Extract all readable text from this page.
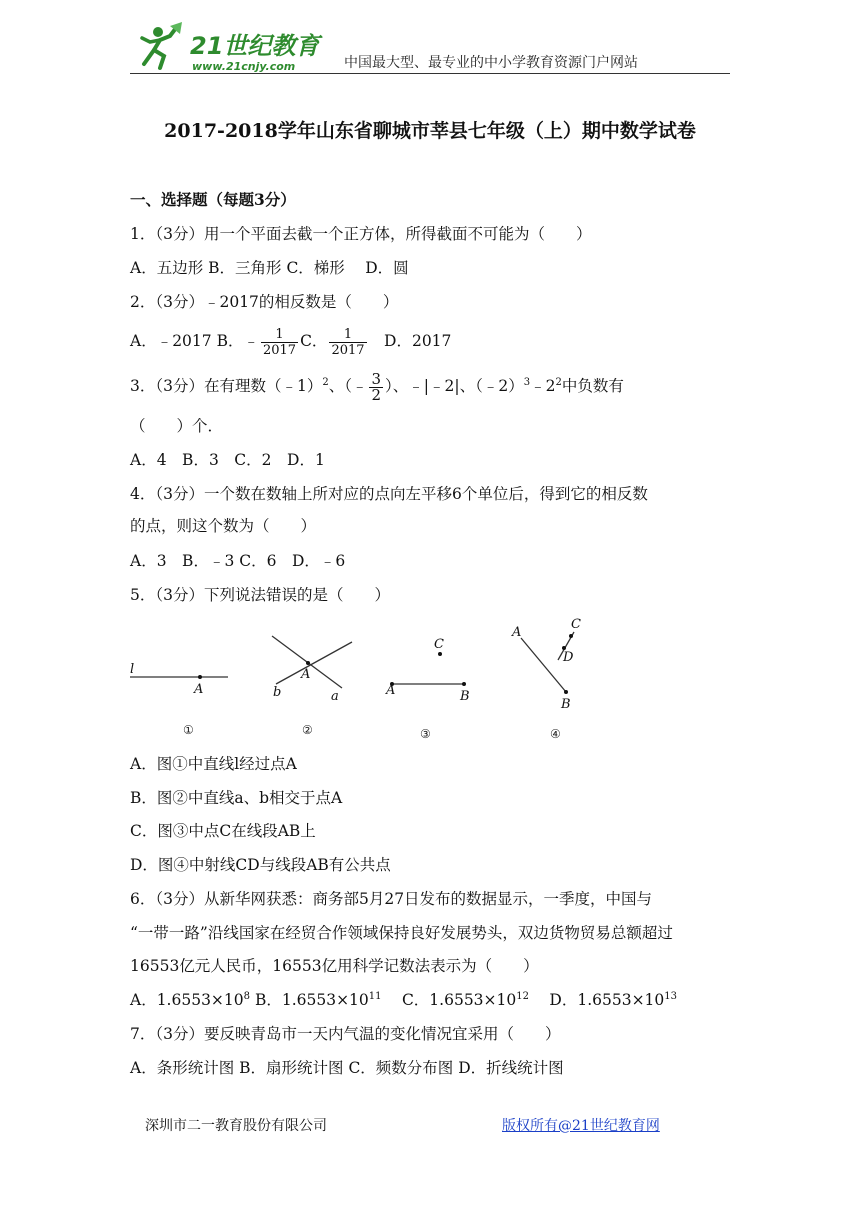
21世纪教育
www.21cnjy.com	中国最大型、最专业的中小学教育资源门户网站
2017-2018学年山东省聊城市莘县七年级（上）期中数学试卷
一、选择题（每题3分）
1．（3分）用一个平面去截一个正方体，所得截面不可能为（　　）
A．五边形 B．三角形 C．梯形　 D．圆
2．（3分）﹣2017的相反数是（　　）
A．﹣2017 B．﹣ $\frac{1}{2017}$ C． $\frac{1}{2017}$ 　D．2017
3．（3分）在有理数（﹣1）$^2$、（﹣ $\frac{3}{2}$ ）、﹣|﹣2|、$(﹣2)^3﹣2^2$中负数有
（　　）个．
A．4　B．3　C．2　D．1
4．（3分）一个数在数轴上所对应的点向左平移6个单位后，得到它的相反数
的点，则这个数为（　　）
A．3　B．﹣3 C．6　D．﹣6
5．（3分）下列说法错误的是（　　）
l
A
①
A
b	a
②
A	B
C
③
A
B
C
D
④
A．图①中直线l经过点A
B．图②中直线a、b相交于点A
C．图③中点C在线段AB上
D．图④中射线CD与线段AB有公共点
6．（3分）从新华网获悉：商务部5月27日发布的数据显示，一季度，中国与
“一带一路”沿线国家在经贸合作领域保持良好发展势头，双边货物贸易总额超过
16553亿元人民币，16553亿用科学记数法表示为（　　）
A．$1.6553\times 10^8$ B．$1.6553\times 10^{11}$　 C．$1.6553\times 10^{12}$　 D．$1.6553\times 10^{13}$
7．（3分）要反映青岛市一天内气温的变化情况宜采用（　　）
A．条形统计图 B．扇形统计图 C．频数分布图 D．折线统计图
深圳市二一教育股份有限公司	版权所有@21世纪教育网
